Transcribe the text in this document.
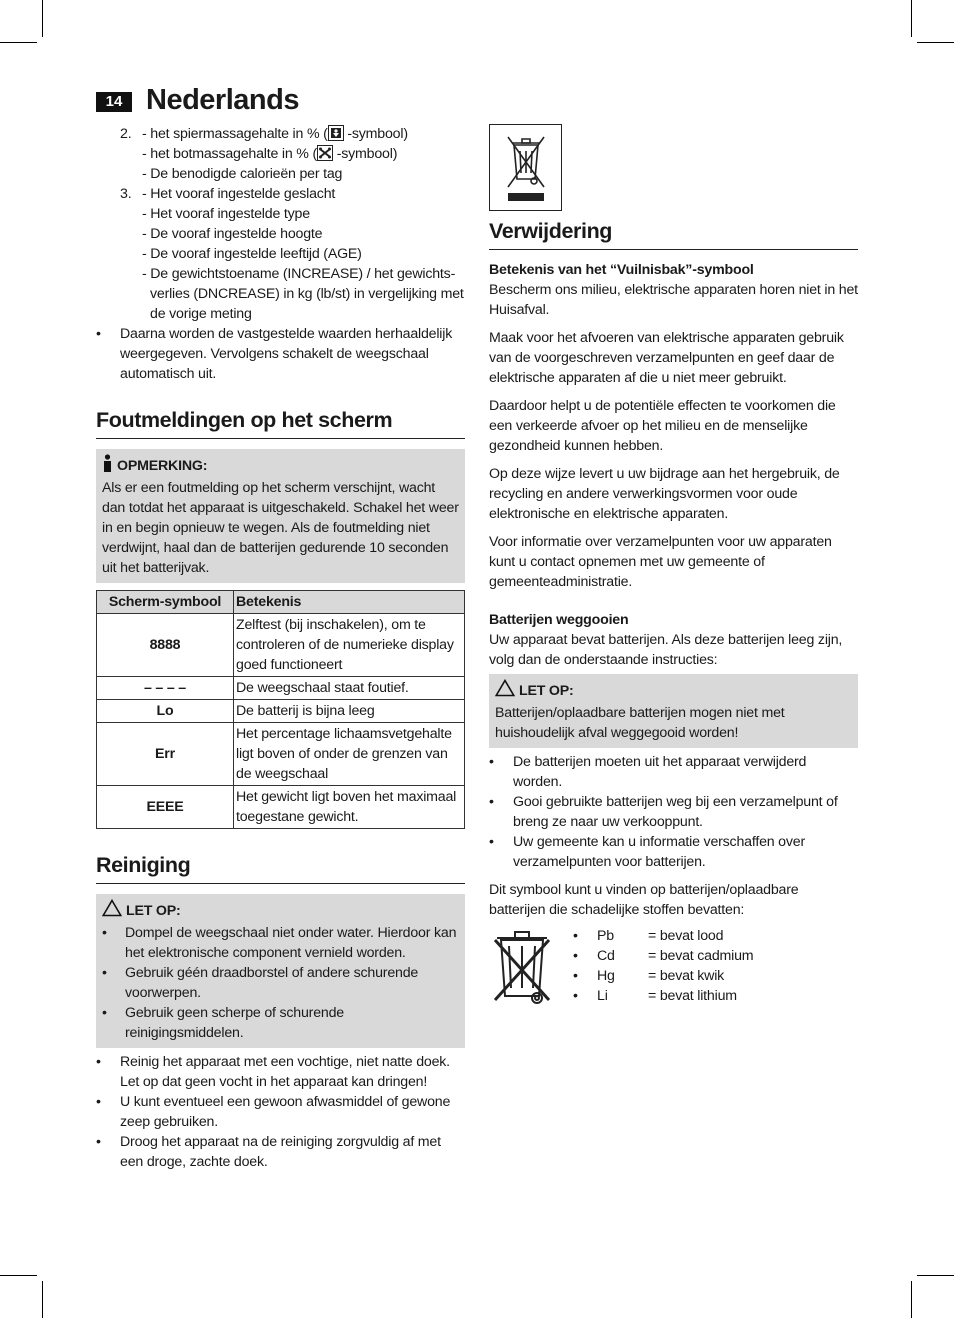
14 Nederlands
2. - het spiermassagehalte in % ( -symbool)
- het botmassagehalte in % ( -symbool)
- De benodigde calorieën per tag
3. - Het vooraf ingestelde geslacht
- Het vooraf ingestelde type
- De vooraf ingestelde hoogte
- De vooraf ingestelde leeftijd (AGE)
- De gewichtstoename (INCREASE) / het gewichts-verlies (DNCREASE) in kg (lb/st) in vergelijking met de vorige meting
• Daarna worden de vastgestelde waarden herhaaldelijk weergegeven. Vervolgens schakelt de weegschaal automatisch uit.
Foutmeldingen op het scherm
OPMERKING:

Als er een foutmelding op het scherm verschijnt, wacht dan totdat het apparaat is uitgeschakeld. Schakel het weer in en begin opnieuw te wegen. Als de foutmelding niet verdwijnt, haal dan de batterijen gedurende 10 seconden uit het batterijvak.

Scherm-symbool	Betekenis
8888	Zelftest (bij inschakelen), om te controleren of de numerieke display goed functioneert
– – – –	De weegschaal staat foutief.
Lo	De batterij is bijna leeg
Err	Het percentage lichaamsvetgehalte ligt boven of onder de grenzen van de weegschaal
EEEE	Het gewicht ligt boven het maximaal toegestane gewicht.
Reiniging
LET OP:
• Dompel de weegschaal niet onder water. Hierdoor kan het elektronische component vernield worden.
• Gebruik géén draadborstel of andere schurende voorwerpen.
• Gebruik geen scherpe of schurende reinigingsmiddelen.
• Reinig het apparaat met een vochtige, niet natte doek. Let op dat geen vocht in het apparaat kan dringen!
• U kunt eventueel een gewoon afwasmiddel of gewone zeep gebruiken.
• Droog het apparaat na de reiniging zorgvuldig af met een droge, zachte doek.
Verwijdering

Betekenis van het “Vuilnisbak”-symbool

Bescherm ons milieu, elektrische apparaten horen niet in het Huisafval.

Maak voor het afvoeren van elektrische apparaten gebruik van de voorgeschreven verzamelpunten en geef daar de elektrische apparaten af die u niet meer gebruikt.

Daardoor helpt u de potentiële effecten te voorkomen die een verkeerde afvoer op het milieu en de menselijke gezondheid kunnen hebben.

Op deze wijze levert u uw bijdrage aan het hergebruik, de recycling en andere verwerkingsvormen voor oude elektronische en elektrische apparaten.

Voor informatie over verzamelpunten voor uw apparaten kunt u contact opnemen met uw gemeente of gemeenteadministratie.

Batterijen weggooien

Uw apparaat bevat batterijen. Als deze batterijen leeg zijn, volg dan de onderstaande instructies:

LET OP:

Batterijen/oplaadbare batterijen mogen niet met huishoudelijk afval weggegooid worden!

• De batterijen moeten uit het apparaat verwijderd worden.
• Gooi gebruikte batterijen weg bij een verzamelpunt of breng ze naar uw verkooppunt.
• Uw gemeente kan u informatie verschaffen over verzamelpunten voor batterijen.

Dit symbool kunt u vinden op batterijen/oplaadbare batterijen die schadelijke stoffen bevatten:

• Pb = bevat lood
• Cd = bevat cadmium
• Hg = bevat kwik
• Li	= bevat lithium
